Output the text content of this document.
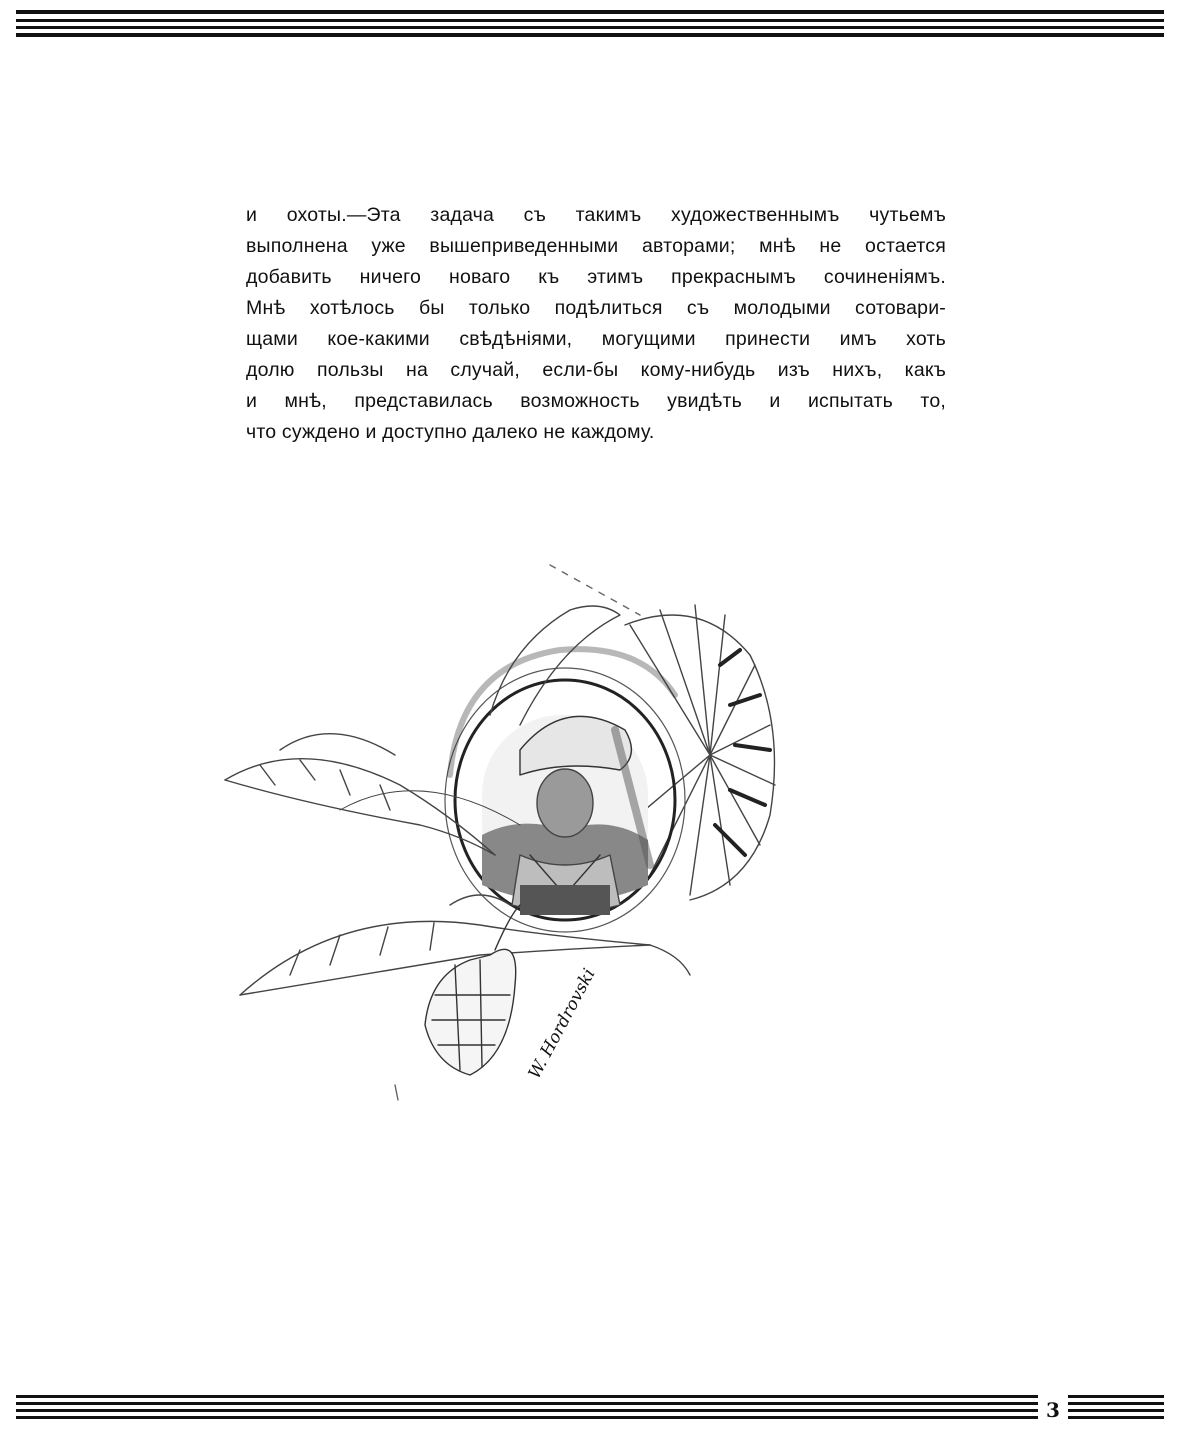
и охоты.—Эта задача съ такимъ художественнымъ чутьемъ
выполнена уже вышеприведенными авторами; мнѣ не остается
добавить ничего новаго къ этимъ прекраснымъ сочиненіямъ.
Мнѣ хотѣлось бы только подѣлиться съ молодыми сотовари-
щами кое-какими свѣдѣніями, могущими принести имъ хоть
долю пользы на случай, если-бы кому-нибудь изъ нихъ, какъ
и мнѣ, представилась возможность увидѣть и испытать то,
что суждено и доступно далеко не каждому.
W. Hordrovski
3
